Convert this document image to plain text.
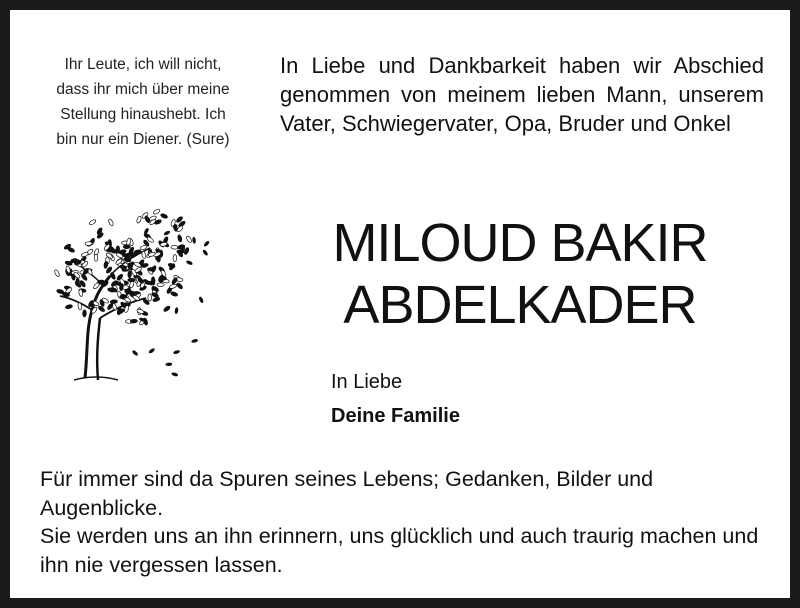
Ihr Leute, ich will nicht,
dass ihr mich über meine
Stellung hinaushebt. Ich
bin nur ein Diener. (Sure)
In Liebe und Dankbarkeit haben wir Abschied genommen von meinem lieben Mann, unserem Vater, Schwiegervater, Opa, Bruder und Onkel
MILOUD BAKIR
ABDELKADER
In Liebe
Deine Familie
Für immer sind da Spuren seines Lebens; Gedanken, Bilder und Augenblicke.
Sie werden uns an ihn erinnern, uns glücklich und auch traurig machen und ihn nie vergessen lassen.
